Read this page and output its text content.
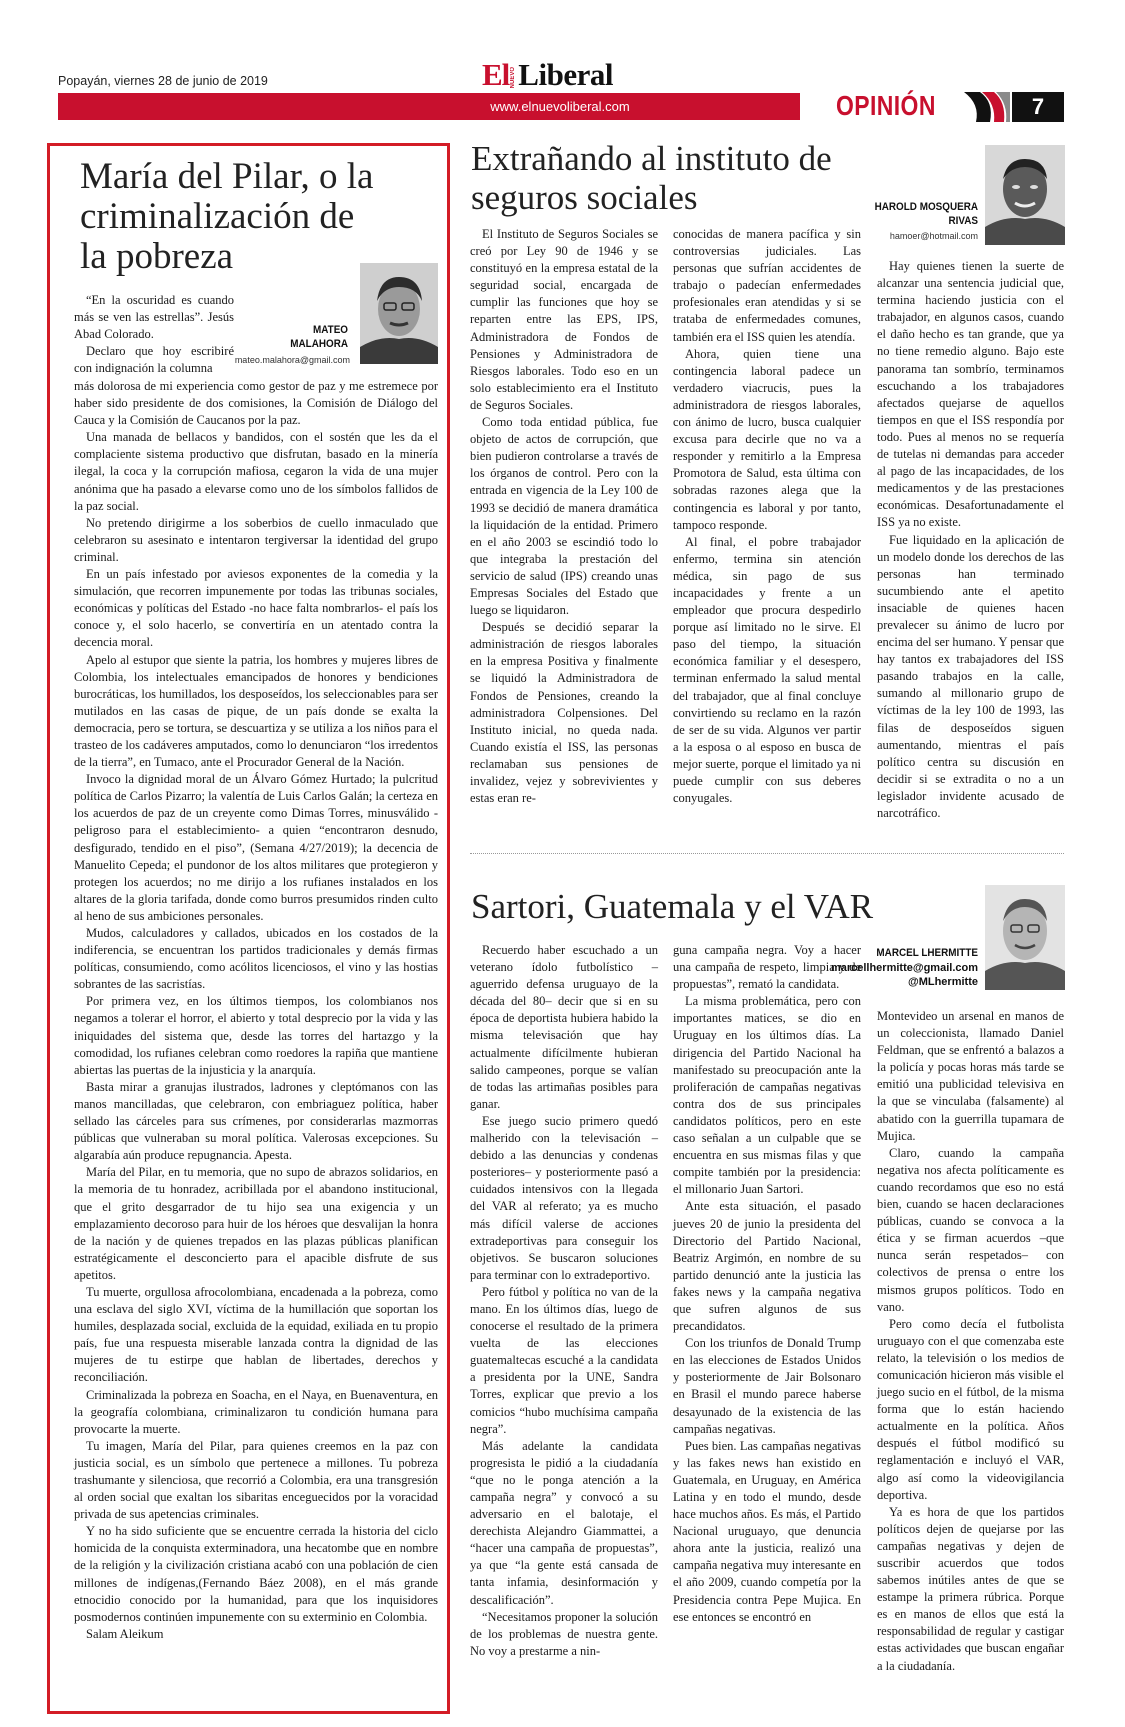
Popayán, viernes 28 de junio de 2019	El NUEVO Liberal
www.elnuevoliberal.com	OPINIÓN	7
María del Pilar, o la criminalización de la pobreza
MATEO
MALAHORA
mateo.malahora@gmail.com

“En la oscuridad es cuando más se ven las estrellas”. Jesús Abad Colorado.

Declaro que hoy escribiré con indignación la columna

más dolorosa de mi experiencia como gestor de paz y me estremece por haber sido presidente de dos comisiones, la Comisión de Diálogo del Cauca y la Comisión de Caucanos por la paz.

Una manada de bellacos y bandidos, con el sostén que les da el complaciente sistema productivo que disfrutan, basado en la minería ilegal, la coca y la corrupción mafiosa, cegaron la vida de una mujer anónima que ha pasado a elevarse como uno de los símbolos fallidos de la paz social.

No pretendo dirigirme a los soberbios de cuello inmaculado que celebraron su asesinato e intentaron tergiversar la identidad del grupo criminal.

En un país infestado por aviesos exponentes de la comedia y la simulación, que recorren impunemente por todas las tribunas sociales, económicas y políticas del Estado -no hace falta nombrarlos- el país los conoce y, el solo hacerlo, se convertiría en un atentado contra la decencia moral.

Apelo al estupor que siente la patria, los hombres y mujeres libres de Colombia, los intelectuales emancipados de honores y bendiciones burocráticas, los humillados, los desposeídos, los seleccionables para ser mutilados en las casas de pique, de un país donde se exalta la democracia, pero se tortura, se descuartiza y se utiliza a los niños para el trasteo de los cadáveres amputados, como lo denunciaron “los irredentos de la tierra”, en Tumaco, ante el Procurador General de la Nación.

Invoco la dignidad moral de un Álvaro Gómez Hurtado; la pulcritud política de Carlos Pizarro; la valentía de Luis Carlos Galán; la certeza en los acuerdos de paz de un creyente como Dimas Torres, minusválido -peligroso para el establecimiento- a quien “encontraron desnudo, desfigurado, tendido en el piso”, (Semana 4/27/2019); la decencia de Manuelito Cepeda; el pundonor de los altos militares que protegieron y protegen los acuerdos; no me dirijo a los rufianes instalados en los altares de la gloria tarifada, donde como burros presumidos rinden culto al heno de sus ambiciones personales.

Mudos, calculadores y callados, ubicados en los costados de la indiferencia, se encuentran los partidos tradicionales y demás firmas políticas, consumiendo, como acólitos licenciosos, el vino y las hostias sobrantes de las sacristías.

Por primera vez, en los últimos tiempos, los colombianos nos negamos a tolerar el horror, el abierto y total desprecio por la vida y las iniquidades del sistema que, desde las torres del hartazgo y la comodidad, los rufianes celebran como roedores la rapiña que mantiene abiertas las puertas de la injusticia y la anarquía.

Basta mirar a granujas ilustrados, ladrones y cleptómanos con las manos mancilladas, que celebraron, con embriaguez política, haber sellado las cárceles para sus crímenes, por considerarlas mazmorras públicas que vulneraban su moral política. Valerosas excepciones. Su algarabía aún produce repugnancia. Apesta.

María del Pilar, en tu memoria, que no supo de abrazos solidarios, en la memoria de tu honradez, acribillada por el abandono institucional, que el grito desgarrador de tu hijo sea una exigencia y un emplazamiento decoroso para huir de los héroes que desvalijan la honra de la nación y de quienes trepados en las plazas públicas planifican estratégicamente el desconcierto para el apacible disfrute de sus apetitos.

Tu muerte, orgullosa afrocolombiana, encadenada a la pobreza, como una esclava del siglo XVI, víctima de la humillación que soportan los humiles, desplazada social, excluida de la equidad, exiliada en tu propio país, fue una respuesta miserable lanzada contra la dignidad de las mujeres de tu estirpe que hablan de libertades, derechos y reconciliación.

Criminalizada la pobreza en Soacha, en el Naya, en Buenaventura, en la geografía colombiana, criminalizaron tu condición humana para provocarte la muerte.

Tu imagen, María del Pilar, para quienes creemos en la paz con justicia social, es un símbolo que pertenece a millones. Tu pobreza trashumante y silenciosa, que recorrió a Colombia, era una transgresión al orden social que exaltan los sibaritas enceguecidos por la voracidad privada de sus apetencias criminales.

Y no ha sido suficiente que se encuentre cerrada la historia del ciclo homicida de la conquista exterminadora, una hecatombe que en nombre de la religión y la civilización cristiana acabó con una población de cien millones de indígenas,(Fernando Báez 2008), en el más grande etnocidio conocido por la humanidad, para que los inquisidores posmodernos continúen impunemente con su exterminio en Colombia.

Salam Aleikum

Extrañando al instituto de seguros sociales	HAROLD MOSQUERA
RIVAS
hamoer@hotmail.com

El Instituto de Seguros Sociales se creó por Ley 90 de 1946 y se constituyó en la empresa estatal de la seguridad social, encargada de cumplir las funciones que hoy se reparten entre las EPS, IPS, Administradora de Fondos de Pensiones y Administradora de Riesgos laborales. Todo eso en un solo establecimiento era el Instituto de Seguros Sociales.

Como toda entidad pública, fue objeto de actos de corrupción, que bien pudieron controlarse a través de los órganos de control. Pero con la entrada en vigencia de la Ley 100 de 1993 se decidió de manera dramática la liquidación de la entidad. Primero en el año 2003 se escindió todo lo que integraba la prestación del servicio de salud (IPS) creando unas Empresas Sociales del Estado que luego se liquidaron.

Después se decidió separar la administración de riesgos laborales en la empresa Positiva y finalmente se liquidó la Administradora de Fondos de Pensiones, creando la administradora Colpensiones. Del Instituto inicial, no queda nada. Cuando existía el ISS, las personas reclamaban sus pensiones de invalidez, vejez y sobrevivientes y estas eran re-

conocidas de manera pacífica y sin controversias judiciales. Las personas que sufrían accidentes de trabajo o padecían enfermedades profesionales eran atendidas y si se trataba de enfermedades comunes, también era el ISS quien les atendía.

Ahora, quien tiene una contingencia laboral padece un verdadero viacrucis, pues la administradora de riesgos laborales, con ánimo de lucro, busca cualquier excusa para decirle que no va a responder y remitirlo a la Empresa Promotora de Salud, esta última con sobradas razones alega que la contingencia es laboral y por tanto, tampoco responde.

Al final, el pobre trabajador enfermo, termina sin atención médica, sin pago de sus incapacidades y frente a un empleador que procura despedirlo porque así limitado no le sirve. El paso del tiempo, la situación económica familiar y el desespero, terminan enfermado la salud mental del trabajador, que al final concluye convirtiendo su reclamo en la razón de ser de su vida. Algunos ver partir a la esposa o al esposo en busca de mejor suerte, porque el limitado ya ni puede cumplir con sus deberes conyugales.

Hay quienes tienen la suerte de alcanzar una sentencia judicial que, termina haciendo justicia con el trabajador, en algunos casos, cuando el daño hecho es tan grande, que ya no tiene remedio alguno. Bajo este panorama tan sombrío, terminamos escuchando a los trabajadores afectados quejarse de aquellos tiempos en que el ISS respondía por todo. Pues al menos no se requería de tutelas ni demandas para acceder al pago de las incapacidades, de los medicamentos y de las prestaciones económicas. Desafortunadamente el ISS ya no existe.

Fue liquidado en la aplicación de un modelo donde los derechos de las personas han terminado sucumbiendo ante el apetito insaciable de quienes hacen prevalecer su ánimo de lucro por encima del ser humano. Y pensar que hay tantos ex trabajadores del ISS pasando trabajos en la calle, sumando al millonario grupo de víctimas de la ley 100 de 1993, las filas de desposeídos siguen aumentando, mientras el país político centra su discusión en decidir si se extradita o no a un legislador invidente acusado de narcotráfico.

Sartori, Guatemala y el VAR
MARCEL LHERMITTE
marcellhermitte@gmail.com
@MLhermitte

Recuerdo haber escuchado a un veterano ídolo futbolístico –aguerrido defensa uruguayo de la década del 80– decir que si en su época de deportista hubiera habido la misma televisación que hay actualmente difícilmente hubieran salido campeones, porque se valían de todas las artimañas posibles para ganar.

Ese juego sucio primero quedó malherido con la televisación –debido a las denuncias y condenas posteriores– y posteriormente pasó a cuidados intensivos con la llegada del VAR al referato; ya es mucho más difícil valerse de acciones extradeportivas para conseguir los objetivos. Se buscaron soluciones para terminar con lo extradeportivo.

Pero fútbol y política no van de la mano. En los últimos días, luego de conocerse el resultado de la primera vuelta de las elecciones guatemaltecas escuché a la candidata a presidenta por la UNE, Sandra Torres, explicar que previo a los comicios “hubo muchísima campaña negra”.

Más adelante la candidata progresista le pidió a la ciudadanía “que no le ponga atención a la campaña negra” y convocó a su adversario en el balotaje, el derechista Alejandro Giammattei, a “hacer una campaña de propuestas”, ya que “la gente está cansada de tanta infamia, desinformación y descalificación”.

“Necesitamos proponer la solución de los problemas de nuestra gente. No voy a prestarme a nin-

guna campaña negra. Voy a hacer una campaña de respeto, limpia y de propuestas”, remató la candidata.

La misma problemática, pero con importantes matices, se dio en Uruguay en los últimos días. La dirigencia del Partido Nacional ha manifestado su preocupación ante la proliferación de campañas negativas contra dos de sus principales candidatos políticos, pero en este caso señalan a un culpable que se encuentra en sus mismas filas y que compite también por la presidencia: el millonario Juan Sartori.

Ante esta situación, el pasado jueves 20 de junio la presidenta del Directorio del Partido Nacional, Beatriz Argimón, en nombre de su partido denunció ante la justicia las fakes news y la campaña negativa que sufren algunos de sus precandidatos.

Con los triunfos de Donald Trump en las elecciones de Estados Unidos y posteriormente de Jair Bolsonaro en Brasil el mundo parece haberse desayunado de la existencia de las campañas negativas.

Pues bien. Las campañas negativas y las fakes news han existido en Guatemala, en Uruguay, en América Latina y en todo el mundo, desde hace muchos años. Es más, el Partido Nacional uruguayo, que denuncia ahora ante la justicia, realizó una campaña negativa muy interesante en el año 2009, cuando competía por la Presidencia contra Pepe Mujica. En ese entonces se encontró en

Montevideo un arsenal en manos de un coleccionista, llamado Daniel Feldman, que se enfrentó a balazos a la policía y pocas horas más tarde se emitió una publicidad televisiva en la que se vinculaba (falsamente) al abatido con la guerrilla tupamara de Mujica.

Claro, cuando la campaña negativa nos afecta políticamente es cuando recordamos que eso no está bien, cuando se hacen declaraciones públicas, cuando se convoca a la ética y se firman acuerdos –que nunca serán respetados– con colectivos de prensa o entre los mismos grupos políticos. Todo en vano.

Pero como decía el futbolista uruguayo con el que comenzaba este relato, la televisión o los medios de comunicación hicieron más visible el juego sucio en el fútbol, de la misma forma que lo están haciendo actualmente en la política. Años después el fútbol modificó su reglamentación e incluyó el VAR, algo así como la videovigilancia deportiva.

Ya es hora de que los partidos políticos dejen de quejarse por las campañas negativas y dejen de suscribir acuerdos que todos sabemos inútiles antes de que se estampe la primera rúbrica. Porque es en manos de ellos que está la responsabilidad de regular y castigar estas actividades que buscan engañar a la ciudadanía.
